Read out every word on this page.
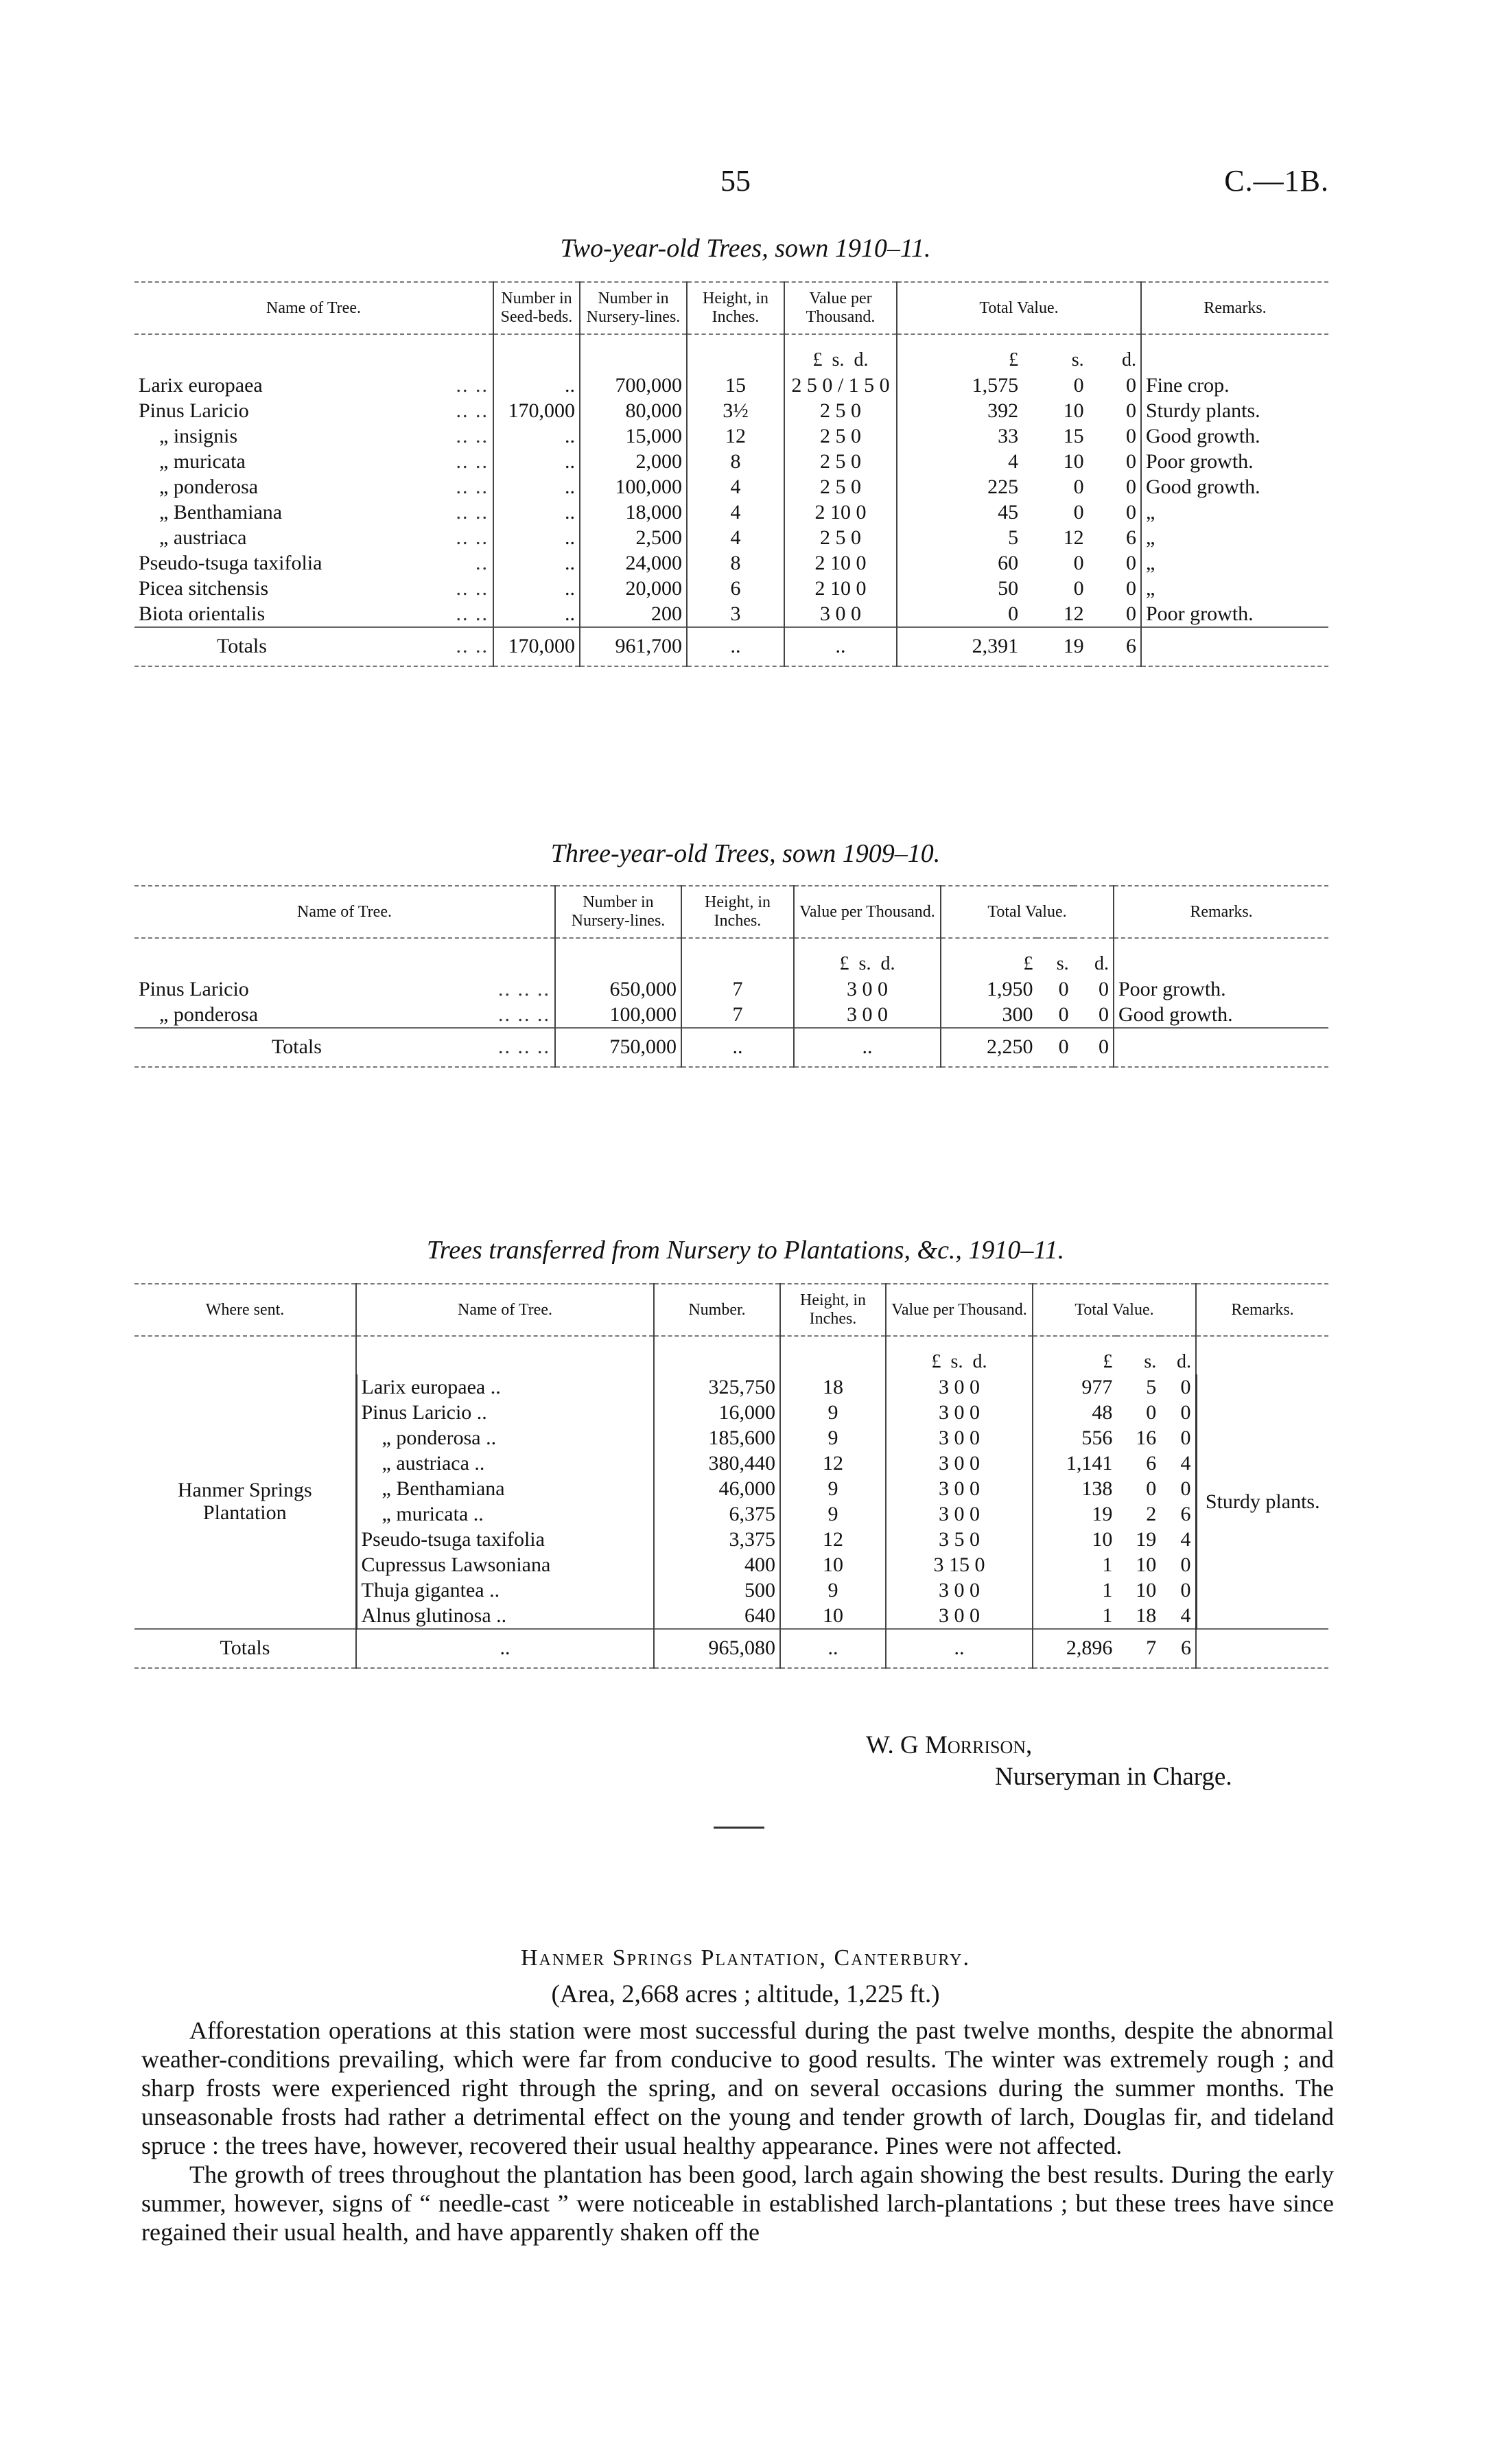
55	C.—1B.
Two-year-old Trees, sown 1910–11.
Name of Tree.	Number in Seed-beds.	Number in Nursery-lines.	Height, in Inches.	Value per Thousand.	Total Value.			Remarks.
				£ s. d.	£	s.	d.	
Larix europaea .. ..	..	700,000	15	2 5 0 / 1 5 0	1,575	0	0	Fine crop.
Pinus Laricio .. ..	170,000	80,000	3½	2 5 0	392	10	0	Sturdy plants.
„ insignis .. ..	..	15,000	12	2 5 0	33	15	0	Good growth.
„ muricata .. ..	..	2,000	8	2 5 0	4	10	0	Poor growth.
„ ponderosa .. ..	..	100,000	4	2 5 0	225	0	0	Good growth.
„ Benthamiana .. ..	..	18,000	4	2 10 0	45	0	0	„
„ austriaca .. ..	..	2,500	4	2 5 0	5	12	6	„
Pseudo-tsuga taxifolia ..	..	24,000	8	2 10 0	60	0	0	„
Picea sitchensis .. ..	..	20,000	6	2 10 0	50	0	0	„
Biota orientalis .. ..	..	200	3	3 0 0	0	12	0	Poor growth.
Totals .. ..	170,000	961,700	..	..	2,391	19	6	
Three-year-old Trees, sown 1909–10.
Name of Tree.	Number in Nursery-lines.	Height, in Inches.	Value per Thousand.	Total Value.			Remarks.
			£ s. d.	£	s.	d.	
Pinus Laricio .. .. ..	650,000	7	3 0 0	1,950	0	0	Poor growth.
„ ponderosa .. .. ..	100,000	7	3 0 0	300	0	0	Good growth.
Totals .. .. ..	750,000	..	..	2,250	0	0	
Trees transferred from Nursery to Plantations, &c., 1910–11.
Where sent.	Name of Tree.	Number.	Height, in Inches.	Value per Thousand.	Total Value.			Remarks.
				£ s. d.	£	s.	d.	
Hanmer Springs Plantation	Larix europaea ..	325,750	18	3 0 0	977	5	0	Sturdy plants.
	Pinus Laricio ..	16,000	9	3 0 0	48	0	0	
	„ ponderosa ..	185,600	9	3 0 0	556	16	0	
	„ austriaca ..	380,440	12	3 0 0	1,141	6	4	
	„ Benthamiana	46,000	9	3 0 0	138	0	0	
	„ muricata ..	6,375	9	3 0 0	19	2	6	
	Pseudo-tsuga taxifolia	3,375	12	3 5 0	10	19	4	
	Cupressus Lawsoniana	400	10	3 15 0	1	10	0	
	Thuja gigantea ..	500	9	3 0 0	1	10	0	
	Alnus glutinosa ..	640	10	3 0 0	1	18	4	
Totals	..	965,080	..	..	2,896	7	6	
W. G Morrison,
Nurseryman in Charge.
Hanmer Springs Plantation, Canterbury.
(Area, 2,668 acres ; altitude, 1,225 ft.)

Afforestation operations at this station were most successful during the past twelve months, despite the abnormal weather-conditions prevailing, which were far from conducive to good results. The winter was extremely rough ; and sharp frosts were experienced right through the spring, and on several occasions during the summer months. The unseasonable frosts had rather a detrimental effect on the young and tender growth of larch, Douglas fir, and tideland spruce : the trees have, however, recovered their usual healthy appearance. Pines were not affected.

The growth of trees throughout the plantation has been good, larch again showing the best results. During the early summer, however, signs of “ needle-cast ” were noticeable in established larch-plantations ; but these trees have since regained their usual health, and have apparently shaken off the
